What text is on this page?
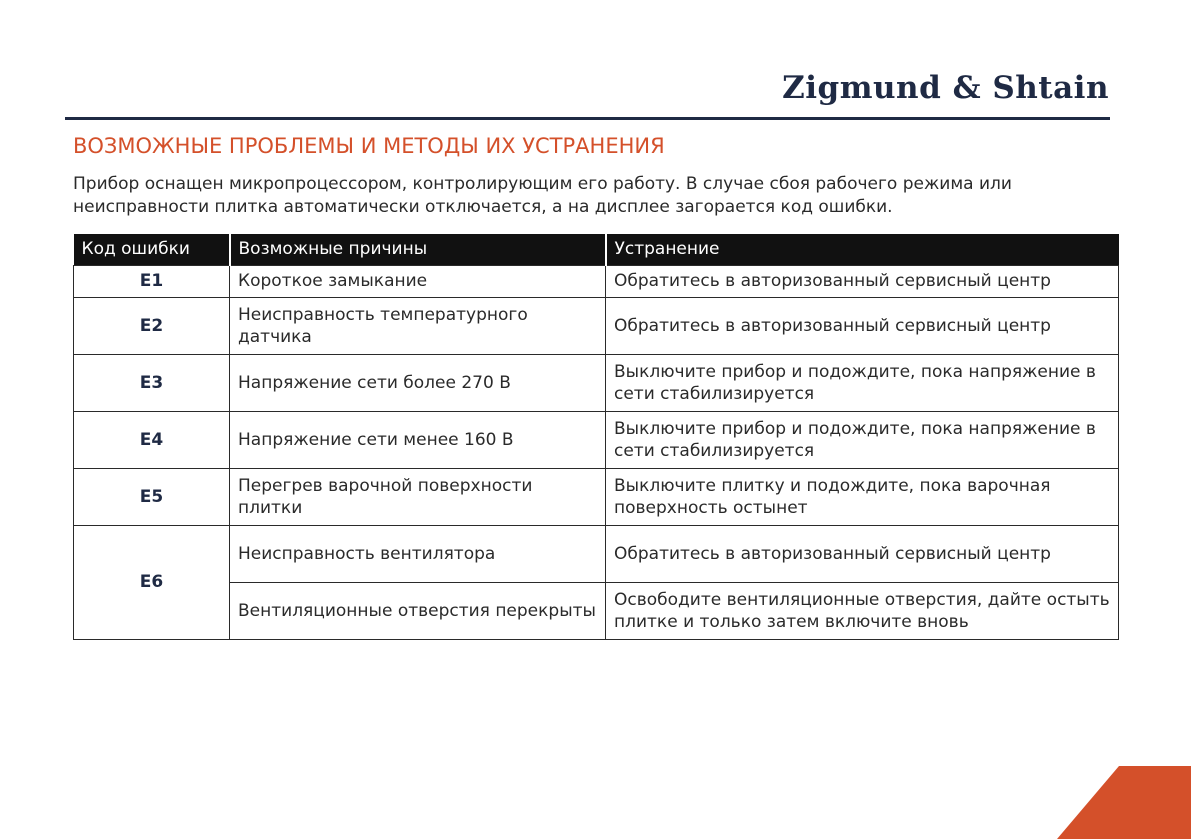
Zigmund & Shtain
ВОЗМОЖНЫЕ ПРОБЛЕМЫ И МЕТОДЫ ИХ УСТРАНЕНИЯ
Прибор оснащен микропроцессором, контролирующим его работу. В случае сбоя рабочего режима или неисправности плитка автоматически отключается, а на дисплее загорается код ошибки.
Код ошибки	Возможные причины	Устранение
E1	Короткое замыкание	Обратитесь в авторизованный сервисный центр
E2	Неисправность температурного датчика	Обратитесь в авторизованный сервисный центр
E3	Напряжение сети более 270 В	Выключите прибор и подождите, пока напряжение в сети стабилизируется
E4	Напряжение сети менее 160 В	Выключите прибор и подождите, пока напряжение в сети стабилизируется
E5	Перегрев варочной поверхности плитки	Выключите плитку и подождите, пока варочная поверхность остынет
E6	Неисправность вентилятора	Обратитесь в авторизованный сервисный центр
	Вентиляционные отверстия перекрыты	Освободите вентиляционные отверстия, дайте остыть плитке и только затем включите вновь
